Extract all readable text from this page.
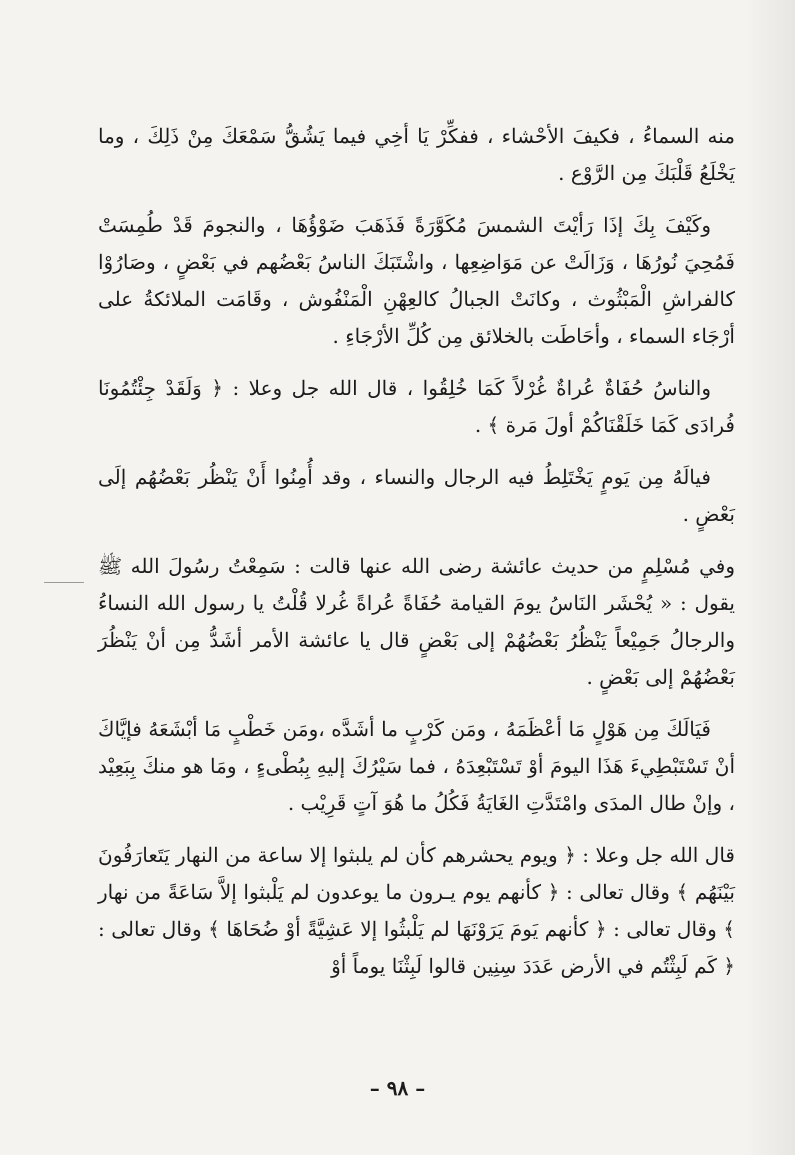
منه السماءُ ، فكيفَ الأحْشاء ، ففكِّرْ يَا أخِي فيما يَشُقُّ سَمْعَكَ مِنْ ذَلِكَ ، وما يَخْلَعُ قَلْبَكَ مِن الرَّوْع .

وكَيْفَ بِكَ إذَا رَأيْتَ الشمسَ مُكَوَّرَةً فَذَهَبَ ضَوْؤُهَا ، والنجومَ قَدْ طُمِسَتْ فَمُحِيَ نُورُهَا ، وَزَالَتْ عن مَوَاضِعِها ، واشْتَبَكَ الناسُ بَعْضُهم في بَعْضٍ ، وصَارُوْا كالفراشِ الْمَبْثُوث ، وكانَتْ الجبالُ كالعِهْنِ الْمَنْفُوش ، وقَامَت الملائكةُ على أرْجَاء السماء ، وأحَاطَت بالخلائق مِن كُلِّ الأرْجَاءِ .

والناسُ حُفَاةٌ عُراةٌ غُرْلاً كَمَا خُلِقُوا ، قال الله جل وعلا : ﴿ وَلَقَدْ جِئْتُمُونَا فُرادَى كَمَا خَلَقْنَاكُمْ أولَ مَرة ﴾ .

فيالَهُ مِن يَومٍ يَخْتَلِطُ فيه الرجال والنساء ، وقد أُمِنُوا أَنْ يَنْظُر بَعْضُهُم إلَى بَعْضٍ .

وفي مُسْلِمٍ من حديث عائشة رضى الله عنها قالت : سَمِعْتُ رسُولَ الله ﷺ يقول : « يُحْشَر النَاسُ يومَ القيامة حُفَاةً عُراةً غُرلا قُلْتُ يا رسول الله النساءُ والرجالُ جَمِيْعاً يَنْظُرُ بَعْضُهُمْ إلى بَعْضٍ قال يا عائشة الأمر أشَدُّ مِن أنْ يَنْظُرَ بَعْضُهُمْ إلى بَعْضٍ .

فَيَالَكَ مِن هَوْلٍ مَا أعْظَمَهُ ، ومَن كَرْبٍ ما أشَدَّه ،ومَن خَطْبٍ مَا أبْشَعَهُ فإيَّاكَ أنْ تَسْتَبْطِيءَ هَذَا اليومَ أوْ تَسْتَبْعِدَهُ ، فما سَيْرُكَ إليهِ بِبُطْىءٍ ، ومَا هو منكَ بِبَعِيْد ، وإنْ طال المدَى وامْتَدَّتِ الغَايَةُ فَكُلُ ما هُوَ آتٍ قَرِيْب .

قال الله جل وعلا : ﴿ ويوم يحشرهم كأن لم يلبثوا إلا ساعة من النهار يَتَعارَفُونَ بَيْنَهُم ﴾ وقال تعالى : ﴿ كأنهم يوم يـرون ما يوعدون لم يَلْبثوا إلاَّ سَاعَةً من نهار ﴾ وقال تعالى : ﴿ كأنهم يَومَ يَرَوْنَهَا لم يَلْبثُوا إلا عَشِيَّةً أوْ ضُحَاهَا ﴾ وقال تعالى : ﴿ كَم لَبِثْتُم في الأرض عَدَدَ سِنِين قالوا لَبِثْنَا يوماً أوْ

– ٩٨ –
